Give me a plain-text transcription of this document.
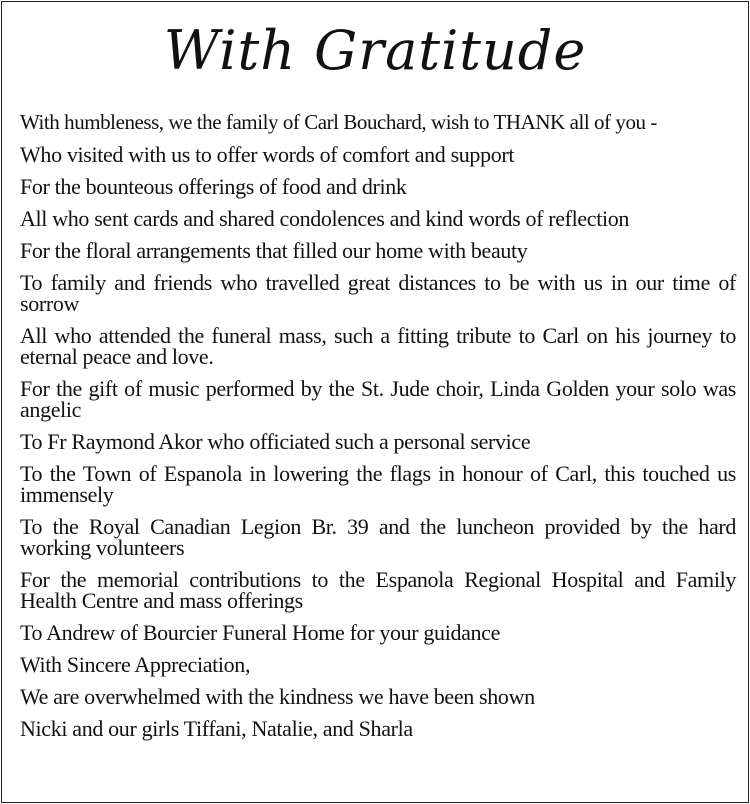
With Gratitude

With humbleness, we the family of Carl Bouchard, wish to THANK all of you -

Who visited with us to offer words of comfort and support

For the bounteous offerings of food and drink

All who sent cards and shared condolences and kind words of reflection

For the floral arrangements that filled our home with beauty

To family and friends who travelled great distances to be with us in our time of sorrow

All who attended the funeral mass, such a fitting tribute to Carl on his journey to eternal peace and love.

For the gift of music performed by the St. Jude choir, Linda Golden your solo was angelic

To Fr Raymond Akor who officiated such a personal service

To the Town of Espanola in lowering the flags in honour of Carl, this touched us immensely

To the Royal Canadian Legion Br. 39 and the luncheon provided by the hard working volunteers

For the memorial contributions to the Espanola Regional Hospital and Family Health Centre and mass offerings

To Andrew of Bourcier Funeral Home for your guidance

With Sincere Appreciation,

We are overwhelmed with the kindness we have been shown

Nicki and our girls Tiffani, Natalie, and Sharla
